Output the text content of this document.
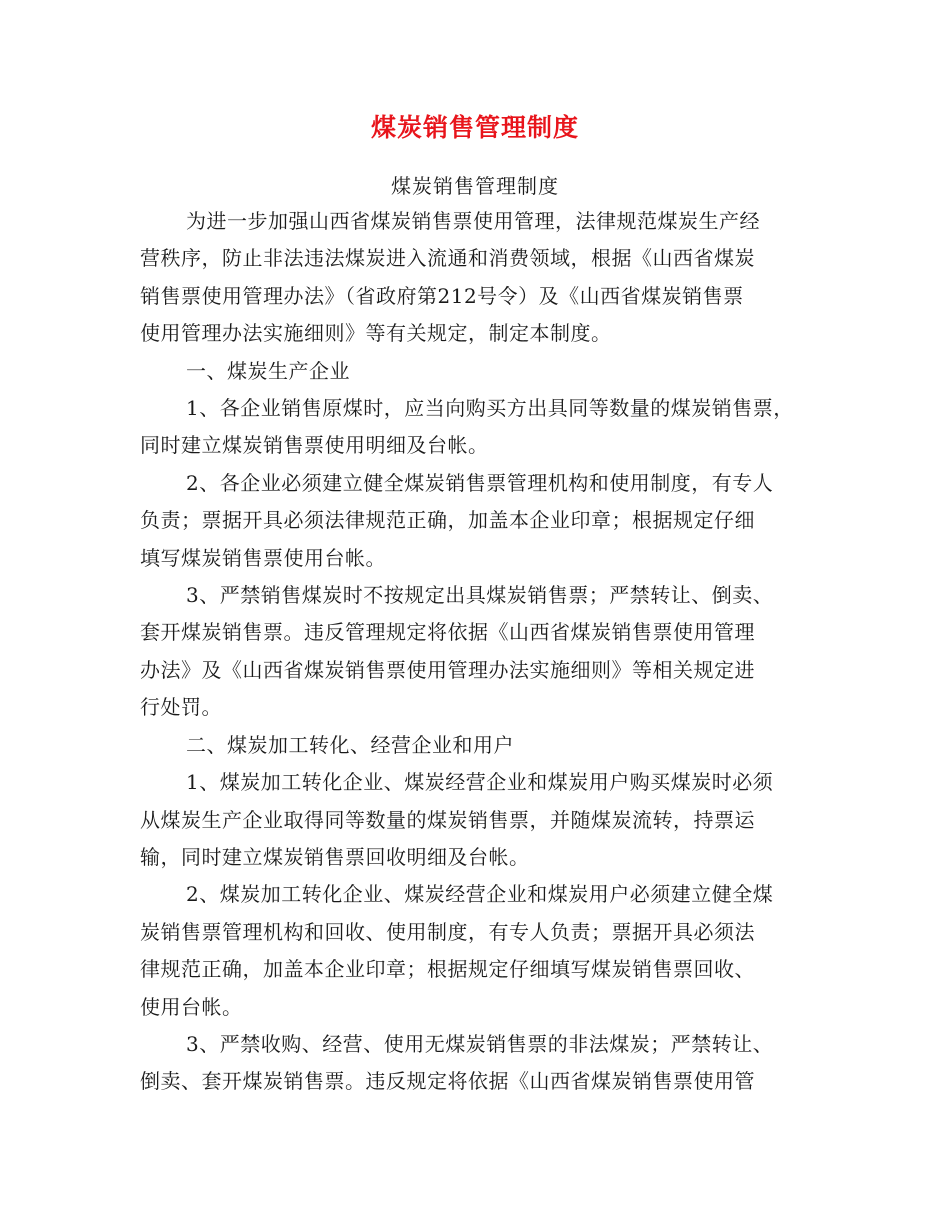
煤炭销售管理制度
煤炭销售管理制度
为进一步加强山西省煤炭销售票使用管理，法律规范煤炭生产经
营秩序，防止非法违法煤炭进入流通和消费领域，根据《山西省煤炭
销售票使用管理办法》（省政府第212号令）及《山西省煤炭销售票
使用管理办法实施细则》等有关规定，制定本制度。
一、煤炭生产企业
1、各企业销售原煤时，应当向购买方出具同等数量的煤炭销售票，
同时建立煤炭销售票使用明细及台帐。
2、各企业必须建立健全煤炭销售票管理机构和使用制度，有专人
负责；票据开具必须法律规范正确，加盖本企业印章；根据规定仔细
填写煤炭销售票使用台帐。
3、严禁销售煤炭时不按规定出具煤炭销售票；严禁转让、倒卖、
套开煤炭销售票。违反管理规定将依据《山西省煤炭销售票使用管理
办法》及《山西省煤炭销售票使用管理办法实施细则》等相关规定进
行处罚。
二、煤炭加工转化、经营企业和用户
1、煤炭加工转化企业、煤炭经营企业和煤炭用户购买煤炭时必须
从煤炭生产企业取得同等数量的煤炭销售票，并随煤炭流转，持票运
输，同时建立煤炭销售票回收明细及台帐。
2、煤炭加工转化企业、煤炭经营企业和煤炭用户必须建立健全煤
炭销售票管理机构和回收、使用制度，有专人负责；票据开具必须法
律规范正确，加盖本企业印章；根据规定仔细填写煤炭销售票回收、
使用台帐。
3、严禁收购、经营、使用无煤炭销售票的非法煤炭；严禁转让、
倒卖、套开煤炭销售票。违反规定将依据《山西省煤炭销售票使用管
